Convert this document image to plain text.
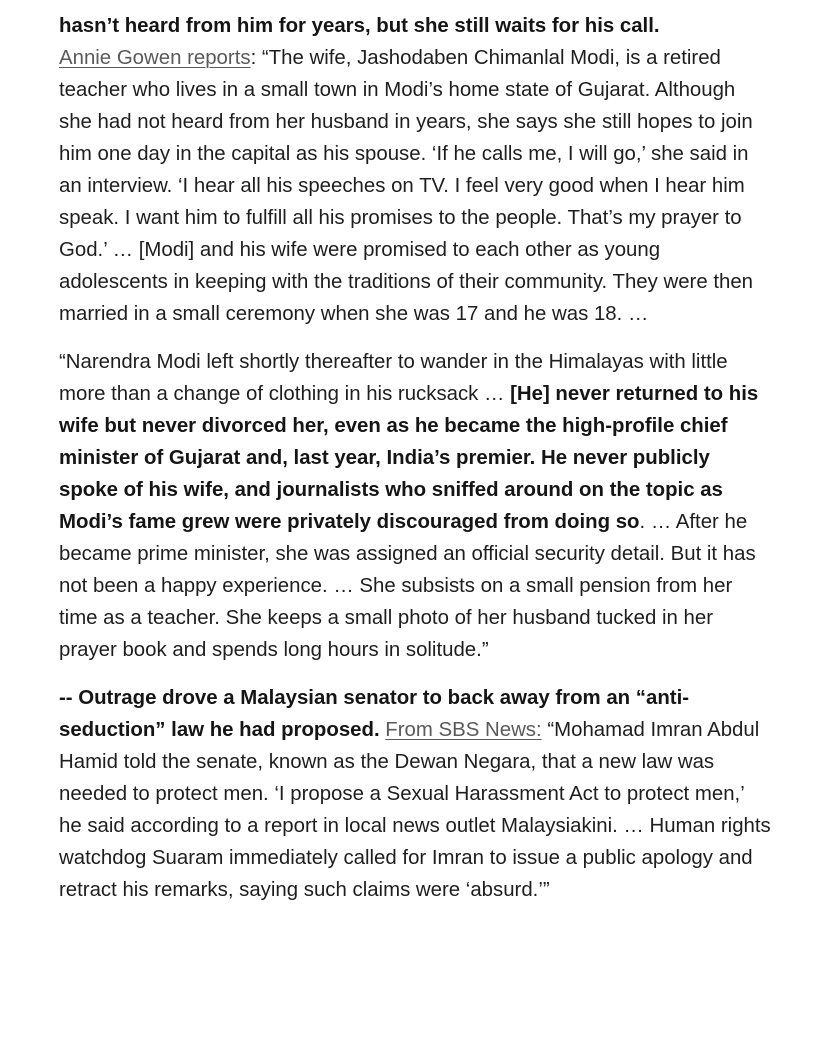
hasn’t heard from him for years, but she still waits for his call.
Annie Gowen reports: “The wife, Jashodaben Chimanlal Modi, is a retired teacher who lives in a small town in Modi’s home state of Gujarat. Although she had not heard from her husband in years, she says she still hopes to join him one day in the capital as his spouse. ‘If he calls me, I will go,’ she said in an interview. ‘I hear all his speeches on TV. I feel very good when I hear him speak. I want him to fulfill all his promises to the people. That’s my prayer to God.’ … [Modi] and his wife were promised to each other as young adolescents in keeping with the traditions of their community. They were then married in a small ceremony when she was 17 and he was 18. …

“Narendra Modi left shortly thereafter to wander in the Himalayas with little more than a change of clothing in his rucksack … [He] never returned to his wife but never divorced her, even as he became the high-profile chief minister of Gujarat and, last year, India’s premier. He never publicly spoke of his wife, and journalists who sniffed around on the topic as Modi’s fame grew were privately discouraged from doing so. … After he became prime minister, she was assigned an official security detail. But it has not been a happy experience. … She subsists on a small pension from her time as a teacher. She keeps a small photo of her husband tucked in her prayer book and spends long hours in solitude.”

-- Outrage drove a Malaysian senator to back away from an “anti-seduction” law he had proposed. From SBS News: “Mohamad Imran Abdul Hamid told the senate, known as the Dewan Negara, that a new law was needed to protect men. ‘I propose a Sexual Harassment Act to protect men,’ he said according to a report in local news outlet Malaysiakini. … Human rights watchdog Suaram immediately called for Imran to issue a public apology and retract his remarks, saying such claims were ‘absurd.’”
